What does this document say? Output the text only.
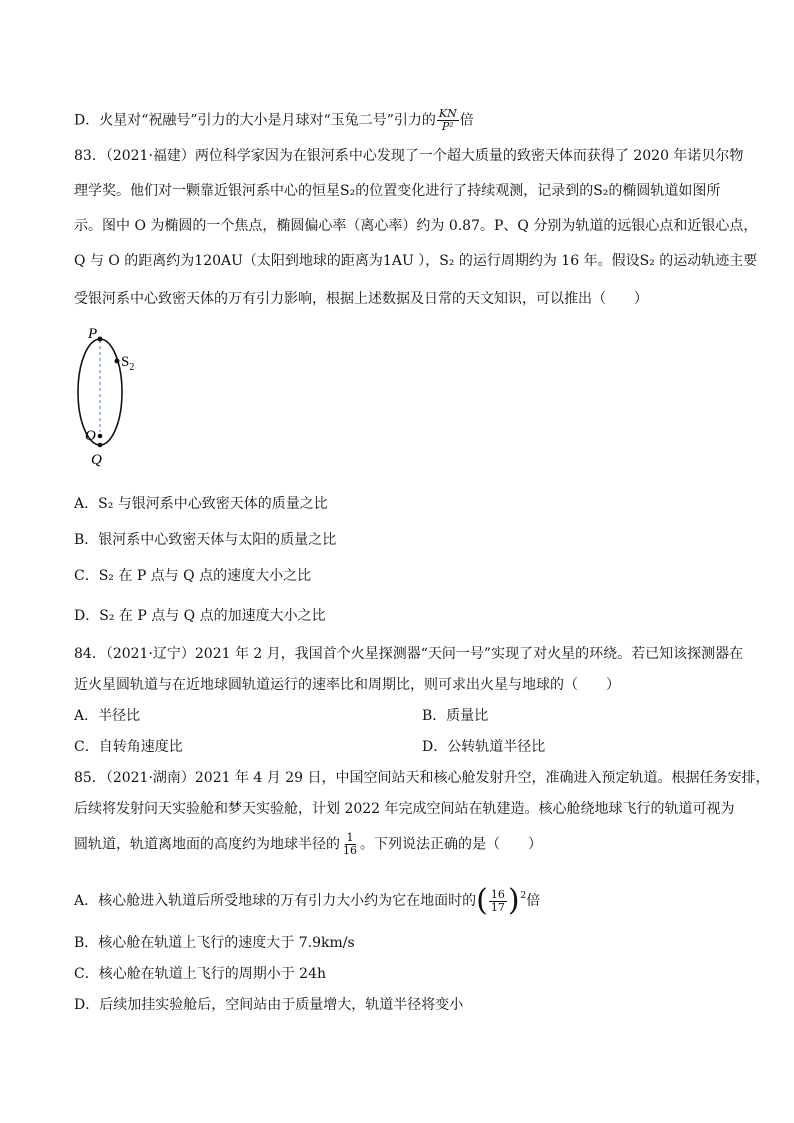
D．火星对“祝融号”引力的大小是月球对“玉兔二号”引力的 $\frac{KN}{\text{P²}}$ 倍
83．（2021·福建）两位科学家因为在银河系中心发现了一个超大质量的致密天体而获得了 2020 年诺贝尔物
理学奖。他们对一颗靠近银河系中心的恒星S₂的位置变化进行了持续观测，记录到的S₂的椭圆轨道如图所
示。图中 O 为椭圆的一个焦点，椭圆偏心率（离心率）约为 0.87。P、Q 分别为轨道的远银心点和近银心点，
Q 与 O 的距离约为120AU（太阳到地球的距离为1AU ），S₂ 的运行周期约为 16 年。假设S₂ 的运动轨迹主要
受银河系中心致密天体的万有引力影响，根据上述数据及日常的天文知识，可以推出（　　）
P
$S_2$
O
Q
A．S₂ 与银河系中心致密天体的质量之比
B．银河系中心致密天体与太阳的质量之比
C．S₂ 在 P 点与 Q 点的速度大小之比
D．S₂ 在 P 点与 Q 点的加速度大小之比
84．（2021·辽宁）2021 年 2 月，我国首个火星探测器“天问一号”实现了对火星的环绕。若已知该探测器在
近火星圆轨道与在近地球圆轨道运行的速率比和周期比，则可求出火星与地球的（　　）
A．半径比	B．质量比
C．自转角速度比	D．公转轨道半径比
85．（2021·湖南）2021 年 4 月 29 日，中国空间站天和核心舱发射升空，准确进入预定轨道。根据任务安排，
后续将发射问天实验舱和梦天实验舱，计划 2022 年完成空间站在轨建造。核心舱绕地球飞行的轨道可视为
圆轨道，轨道离地面的高度约为地球半径的 $\frac{1}{16}$ 。下列说法正确的是（　　）
A．核心舱进入轨道后所受地球的万有引力大小约为它在地面时的 ( $\frac{16}{17} )^2$ 倍
B．核心舱在轨道上飞行的速度大于 7.9km/s
C．核心舱在轨道上飞行的周期小于 24h
D．后续加挂实验舱后，空间站由于质量增大，轨道半径将变小
